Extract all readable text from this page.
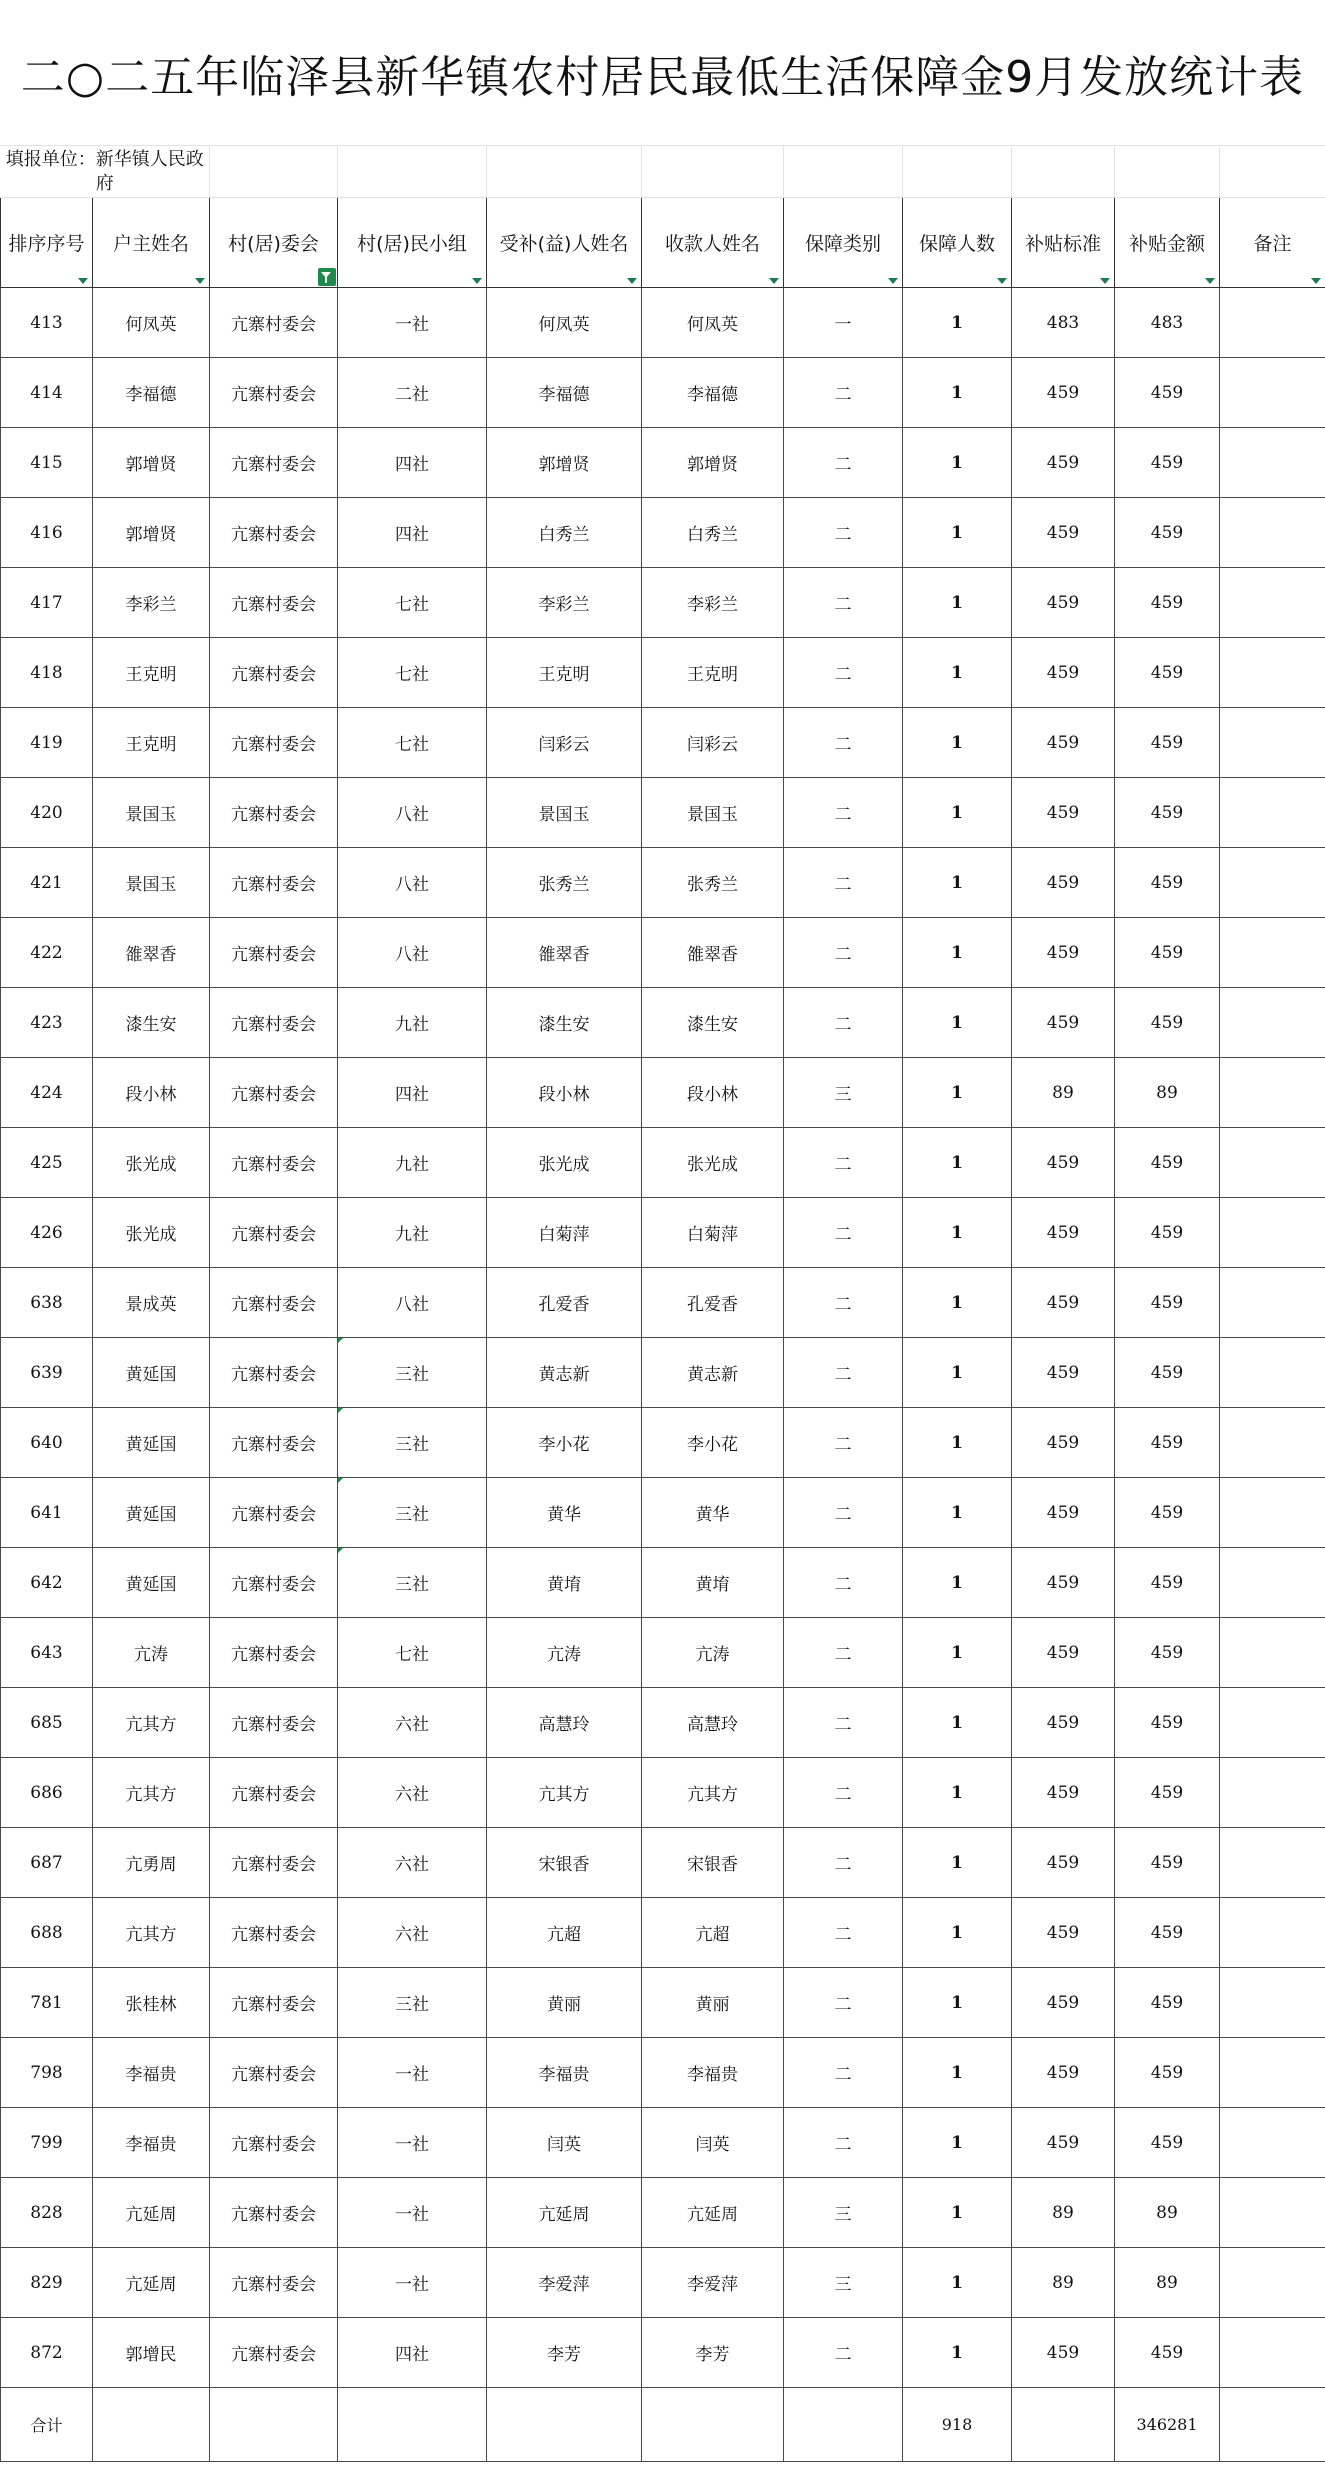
二○二五年临泽县新华镇农村居民最低生活保障金9月发放统计表
填报单位：新华镇人民政府										
排序序号	户主姓名	村(居)委会	村(居)民小组	受补(益)人姓名	收款人姓名	保障类别	保障人数	补贴标准	补贴金额	备注

413	何凤英	亢寨村委会	一社	何凤英	何凤英	一	1	483	483	
414	李福德	亢寨村委会	二社	李福德	李福德	二	1	459	459	
415	郭增贤	亢寨村委会	四社	郭增贤	郭增贤	二	1	459	459	
416	郭增贤	亢寨村委会	四社	白秀兰	白秀兰	二	1	459	459	
417	李彩兰	亢寨村委会	七社	李彩兰	李彩兰	二	1	459	459	
418	王克明	亢寨村委会	七社	王克明	王克明	二	1	459	459	
419	王克明	亢寨村委会	七社	闫彩云	闫彩云	二	1	459	459	
420	景国玉	亢寨村委会	八社	景国玉	景国玉	二	1	459	459	
421	景国玉	亢寨村委会	八社	张秀兰	张秀兰	二	1	459	459	
422	雒翠香	亢寨村委会	八社	雒翠香	雒翠香	二	1	459	459	
423	漆生安	亢寨村委会	九社	漆生安	漆生安	二	1	459	459	
424	段小林	亢寨村委会	四社	段小林	段小林	三	1	89	89	
425	张光成	亢寨村委会	九社	张光成	张光成	二	1	459	459	
426	张光成	亢寨村委会	九社	白菊萍	白菊萍	二	1	459	459	
638	景成英	亢寨村委会	八社	孔爱香	孔爱香	二	1	459	459	
639	黄延国	亢寨村委会	三社	黄志新	黄志新	二	1	459	459	
640	黄延国	亢寨村委会	三社	李小花	李小花	二	1	459	459	
641	黄延国	亢寨村委会	三社	黄华	黄华	二	1	459	459	
642	黄延国	亢寨村委会	三社	黄堉	黄堉	二	1	459	459	
643	亢涛	亢寨村委会	七社	亢涛	亢涛	二	1	459	459	
685	亢其方	亢寨村委会	六社	高慧玲	高慧玲	二	1	459	459	
686	亢其方	亢寨村委会	六社	亢其方	亢其方	二	1	459	459	
687	亢勇周	亢寨村委会	六社	宋银香	宋银香	二	1	459	459	
688	亢其方	亢寨村委会	六社	亢超	亢超	二	1	459	459	
781	张桂林	亢寨村委会	三社	黄丽	黄丽	二	1	459	459	
798	李福贵	亢寨村委会	一社	李福贵	李福贵	二	1	459	459	
799	李福贵	亢寨村委会	一社	闫英	闫英	二	1	459	459	
828	亢延周	亢寨村委会	一社	亢延周	亢延周	三	1	89	89	
829	亢延周	亢寨村委会	一社	李爱萍	李爱萍	三	1	89	89	
872	郭增民	亢寨村委会	四社	李芳	李芳	二	1	459	459	
合计							918		346281	
